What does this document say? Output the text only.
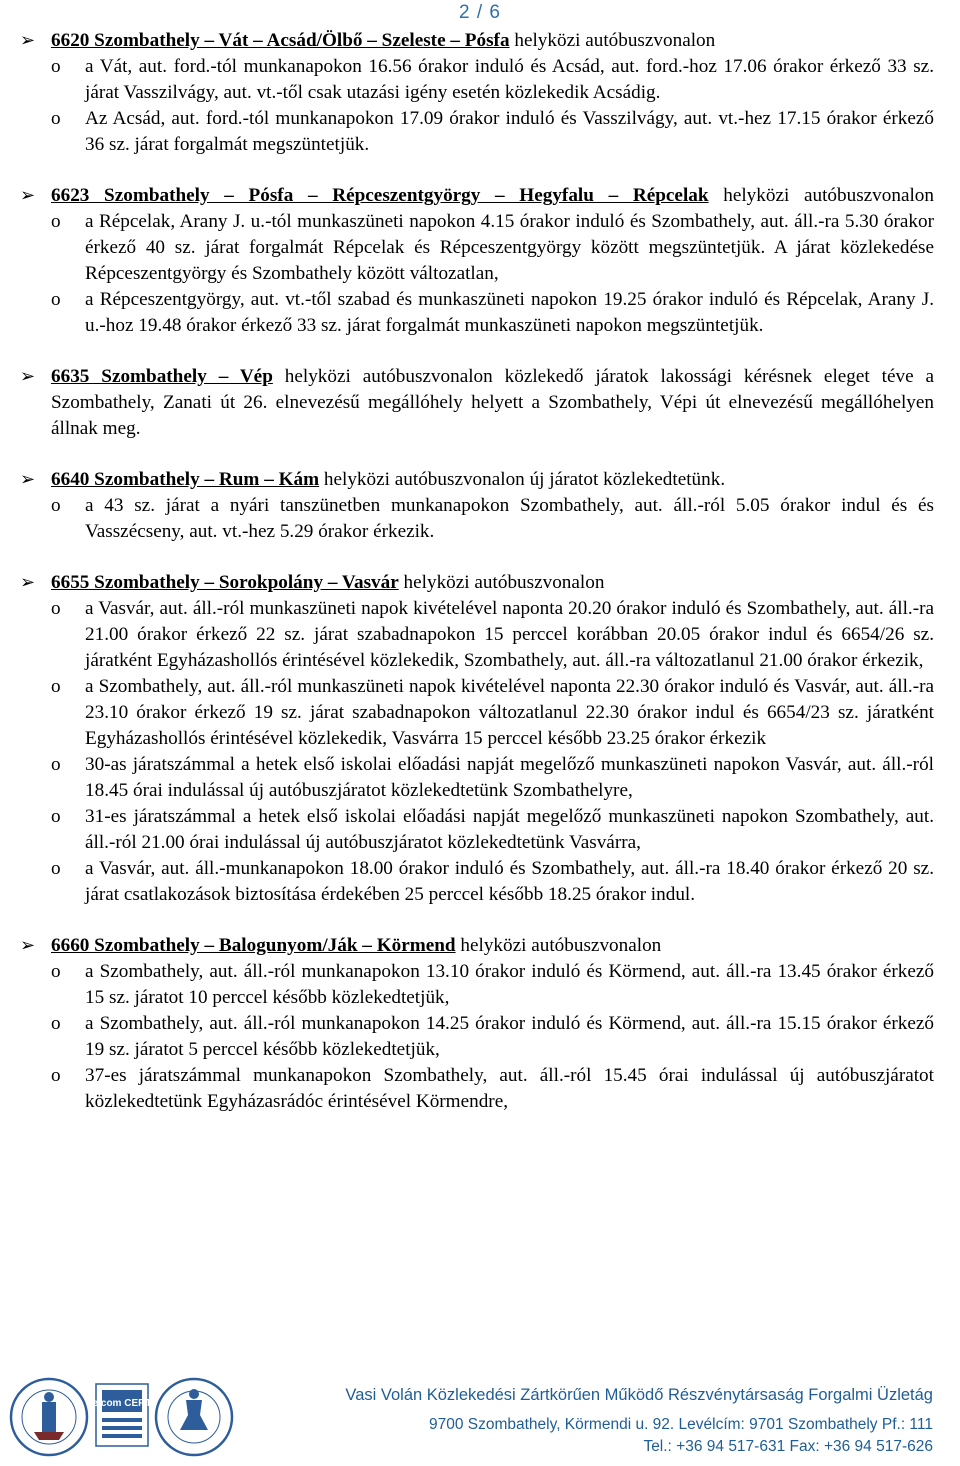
2 / 6
➢ 6620 Szombathely – Vát – Acsád/Ölbő – Szeleste – Pósfa helyközi autóbuszvonalon
o a Vát, aut. ford.-tól munkanapokon 16.56 órakor induló és Acsád, aut. ford.-hoz 17.06 órakor érkező 33 sz. járat Vasszilvágy, aut. vt.-től csak utazási igény esetén közlekedik Acsádig.
o Az Acsád, aut. ford.-tól munkanapokon 17.09 órakor induló és Vasszilvágy, aut. vt.-hez 17.15 órakor érkező 36 sz. járat forgalmát megszüntetjük.
➢ 6623 Szombathely – Pósfa – Répceszentgyörgy – Hegyfalu – Répcelak helyközi autóbuszvonalon
o a Répcelak, Arany J. u.-tól munkaszüneti napokon 4.15 órakor induló és Szombathely, aut. áll.-ra 5.30 órakor érkező 40 sz. járat forgalmát Répcelak és Répceszentgyörgy között megszüntetjük. A járat közlekedése Répceszentgyörgy és Szombathely között változatlan,
o a Répceszentgyörgy, aut. vt.-től szabad és munkaszüneti napokon 19.25 órakor induló és Répcelak, Arany J. u.-hoz 19.48 órakor érkező 33 sz. járat forgalmát munkaszüneti napokon megszüntetjük.
➢ 6635 Szombathely – Vép helyközi autóbuszvonalon közlekedő járatok lakossági kérésnek eleget téve a Szombathely, Zanati út 26. elnevezésű megállóhely helyett a Szombathely, Vépi út elnevezésű megállóhelyen állnak meg.
➢ 6640 Szombathely – Rum – Kám helyközi autóbuszvonalon új járatot közlekedtetünk.
o a 43 sz. járat a nyári tanszünetben munkanapokon Szombathely, aut. áll.-ról 5.05 órakor indul és és Vasszécseny, aut. vt.-hez 5.29 órakor érkezik.
➢ 6655 Szombathely – Sorokpolány – Vasvár helyközi autóbuszvonalon
o a Vasvár, aut. áll.-ról munkaszüneti napok kivételével naponta 20.20 órakor induló és Szombathely, aut. áll.-ra 21.00 órakor érkező 22 sz. járat szabadnapokon 15 perccel korábban 20.05 órakor indul és 6654/26 sz. járatként Egyházashollós érintésével közlekedik, Szombathely, aut. áll.-ra változatlanul 21.00 órakor érkezik,
o a Szombathely, aut. áll.-ról munkaszüneti napok kivételével naponta 22.30 órakor induló és Vasvár, aut. áll.-ra 23.10 órakor érkező 19 sz. járat szabadnapokon változatlanul 22.30 órakor indul és 6654/23 sz. járatként Egyházashollós érintésével közlekedik, Vasvárra 15 perccel később 23.25 órakor érkezik
o 30-as járatszámmal a hetek első iskolai előadási napját megelőző munkaszüneti napokon Vasvár, aut. áll.-ról 18.45 órai indulással új autóbuszjáratot közlekedtetünk Szombathelyre,
o 31-es járatszámmal a hetek első iskolai előadási napját megelőző munkaszüneti napokon Szombathely, aut. áll.-ról 21.00 órai indulással új autóbuszjáratot közlekedtetünk Vasvárra,
o a Vasvár, aut. áll.-munkanapokon 18.00 órakor induló és Szombathely, aut. áll.-ra 18.40 órakor érkező 20 sz. járat csatlakozások biztosítása érdekében 25 perccel később 18.25 órakor indul.
➢ 6660 Szombathely – Balogunyom/Ják – Körmend helyközi autóbuszvonalon
o a Szombathely, aut. áll.-ról munkanapokon 13.10 órakor induló és Körmend, aut. áll.-ra 13.45 órakor érkező 15 sz. járatot 10 perccel később közlekedtetjük,
o a Szombathely, aut. áll.-ról munkanapokon 14.25 órakor induló és Körmend, aut. áll.-ra 15.15 órakor érkező 19 sz. járatot 5 perccel később közlekedtetjük,
o 37-es járatszámmal munkanapokon Szombathely, aut. áll.-ról 15.45 órai indulással új autóbuszjáratot közlekedtetünk Egyházasrádóc érintésével Körmendre,
e.com CERT	Vasi Volán Közlekedési Zártkörűen Működő Részvénytársaság Forgalmi Üzletág
9700 Szombathely, Körmendi u. 92. Levélcím: 9701 Szombathely Pf.: 111
Tel.: +36 94 517-631 Fax: +36 94 517-626
